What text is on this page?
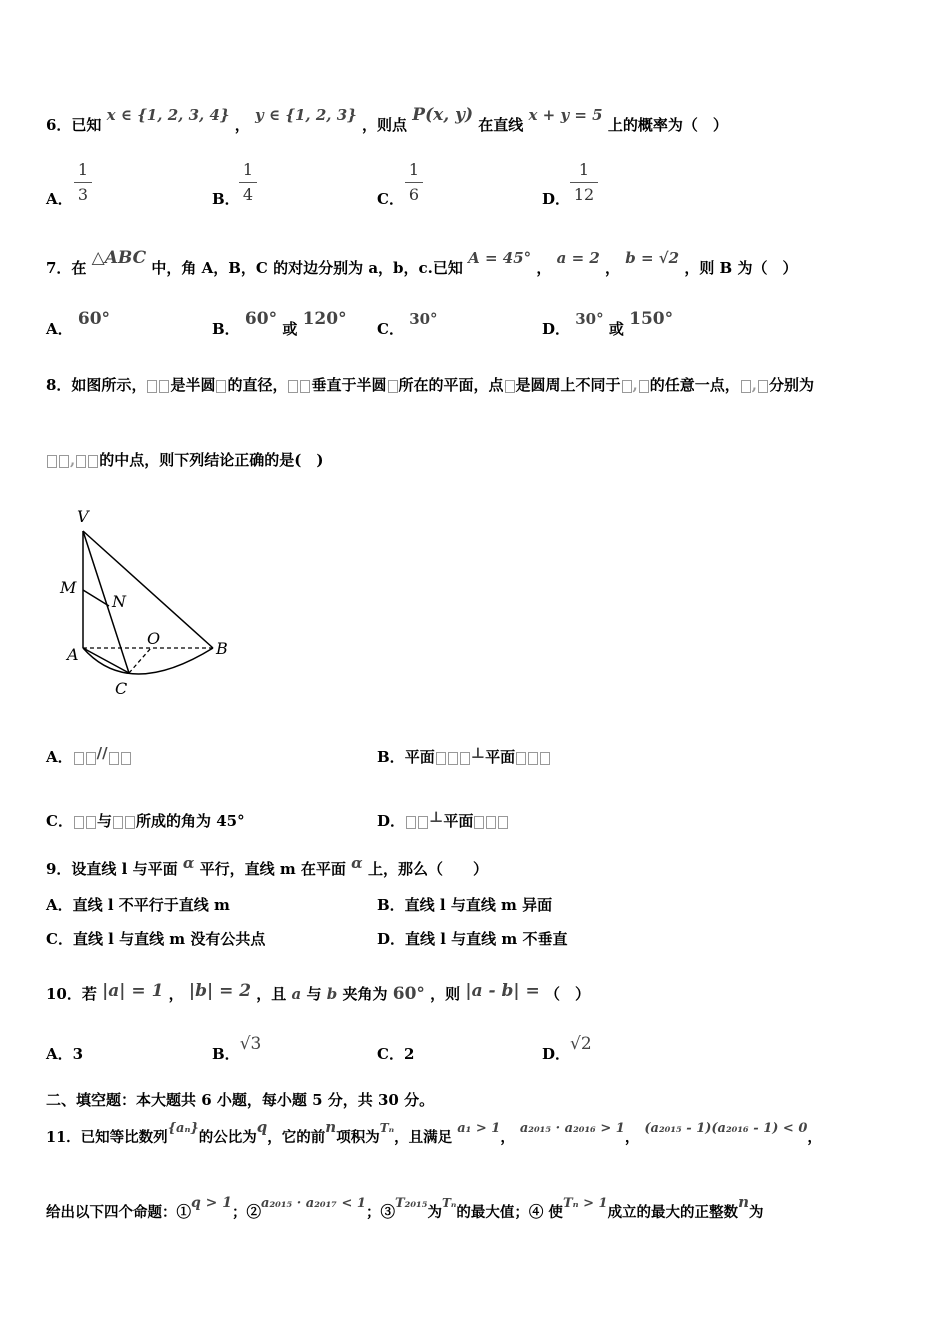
6．已知 x ∈ {1, 2, 3, 4} ， y ∈ {1, 2, 3} ，则点 P(x, y) 在直线 x + y = 5 上的概率为（　）
A．
1
3	B．
1
4	C．
1
6	D．
1
12
7．在 △ABC 中，角 A，B，C 的对边分别为 a，b，c.已知 A = 45° ， a = 2 ， b = √2 ，则 B 为（　）
A． 60°	B． 60° 或 120° C． 30°
D． 30° 或 150°
8．如图所示， 是半圆 的直径， 垂直于半圆 所在的平面，点 是圆周上不同于 , 的任意一点， , 分别为
, 的中点，则下列结论正确的是(　)
V
M
N
O
A	B
C
A． //	B．平面 ⊥平面
C． 与 所成的角为 45°	D． ⊥平面
9．设直线 l 与平面 α 平行，直线 m 在平面 α 上，那么（　　）
A．直线 l 不平行于直线 m	B．直线 l 与直线 m 异面
C．直线 l 与直线 m 没有公共点	D．直线 l 与直线 m 不垂直
10．若 |a| = 1 ， |b| = 2 ，且 a 与 b 夹角为 60° ，则 |a - b| = （　）
A．3	B．√3	C．2	D．√2
二、填空题：本大题共 6 小题，每小题 5 分，共 30 分。
11．已知等比数列{aₙ}的公比为q，它的前n项积为$^{T_n}$，且满足 a₁ > 1， a₂₀₁₅ · a₂₀₁₆ > 1， (a₂₀₁₅ - 1)(a₂₀₁₆ - 1) < 0，
给出以下四个命题：①q > 1；②a₂₀₁₅ · a₂₀₁₇ < 1；③T₂₀₁₅为$^{T_n}$的最大值；④ 使Tₙ > 1成立的最大的正整数n为
